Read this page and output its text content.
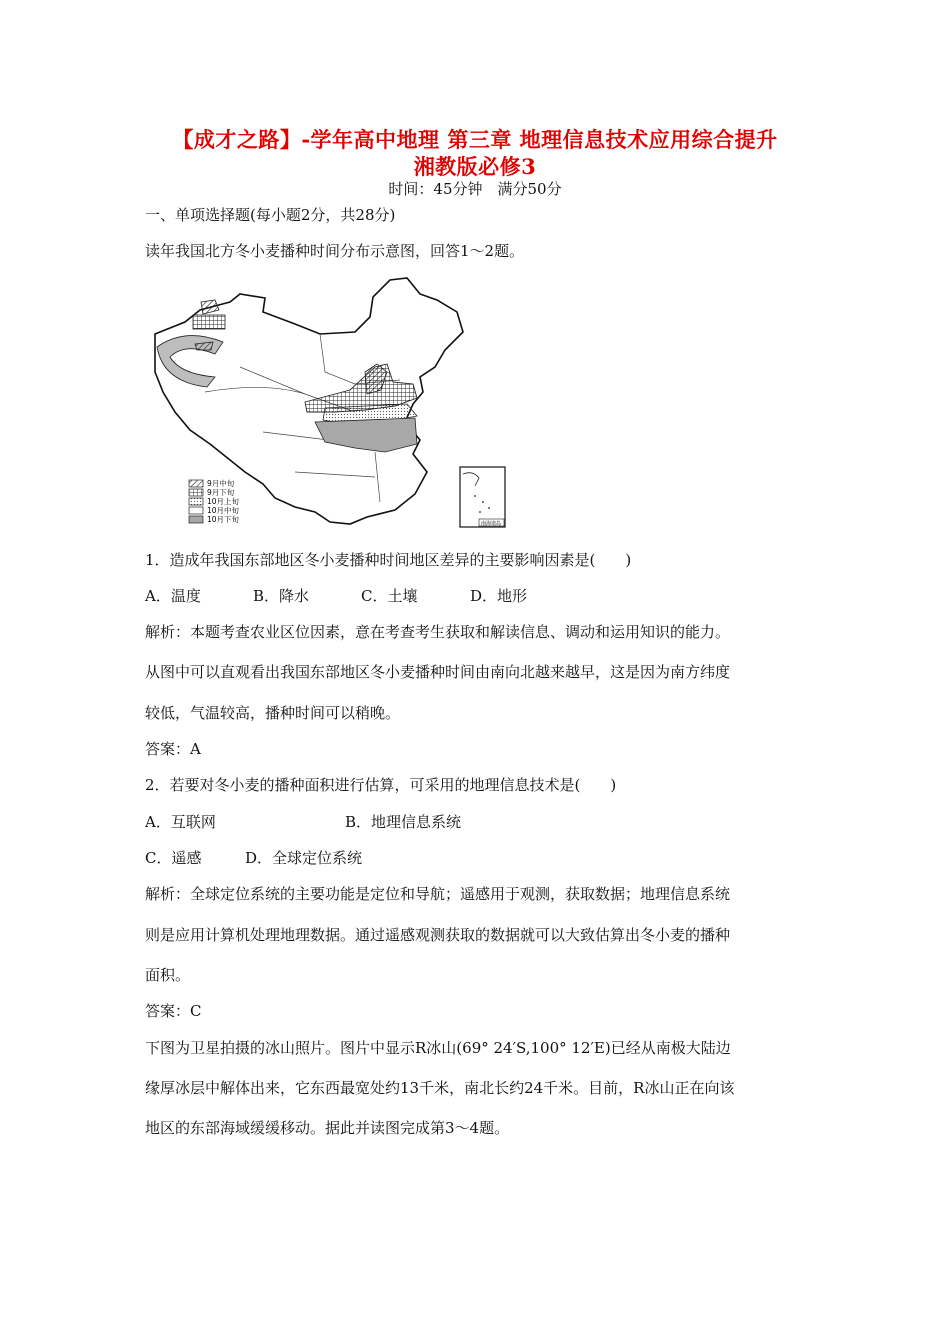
【成才之路】-学年高中地理 第三章 地理信息技术应用综合提升
湘教版必修3
时间：45分钟　满分50分
一、单项选择题(每小题2分，共28分)
读年我国北方冬小麦播种时间分布示意图，回答1～2题。
9月中旬
9月下旬
10月上旬
10月中旬
10月下旬	南海诸岛
1．造成年我国东部地区冬小麦播种时间地区差异的主要影响因素是(　　)
A．温度	B．降水	C．土壤	D．地形
解析：本题考查农业区位因素，意在考查考生获取和解读信息、调动和运用知识的能力。
从图中可以直观看出我国东部地区冬小麦播种时间由南向北越来越早，这是因为南方纬度
较低，气温较高，播种时间可以稍晚。
答案：A
2．若要对冬小麦的播种面积进行估算，可采用的地理信息技术是(　　)
A．互联网	B．地理信息系统
C．遥感	D．全球定位系统
解析：全球定位系统的主要功能是定位和导航；遥感用于观测，获取数据；地理信息系统
则是应用计算机处理地理数据。通过遥感观测获取的数据就可以大致估算出冬小麦的播种
面积。
答案：C
下图为卫星拍摄的冰山照片。图片中显示R冰山(69° 24′S,100° 12′E)已经从南极大陆边
缘厚冰层中解体出来，它东西最宽处约13千米，南北长约24千米。目前，R冰山正在向该
地区的东部海域缓缓移动。据此并读图完成第3～4题。
